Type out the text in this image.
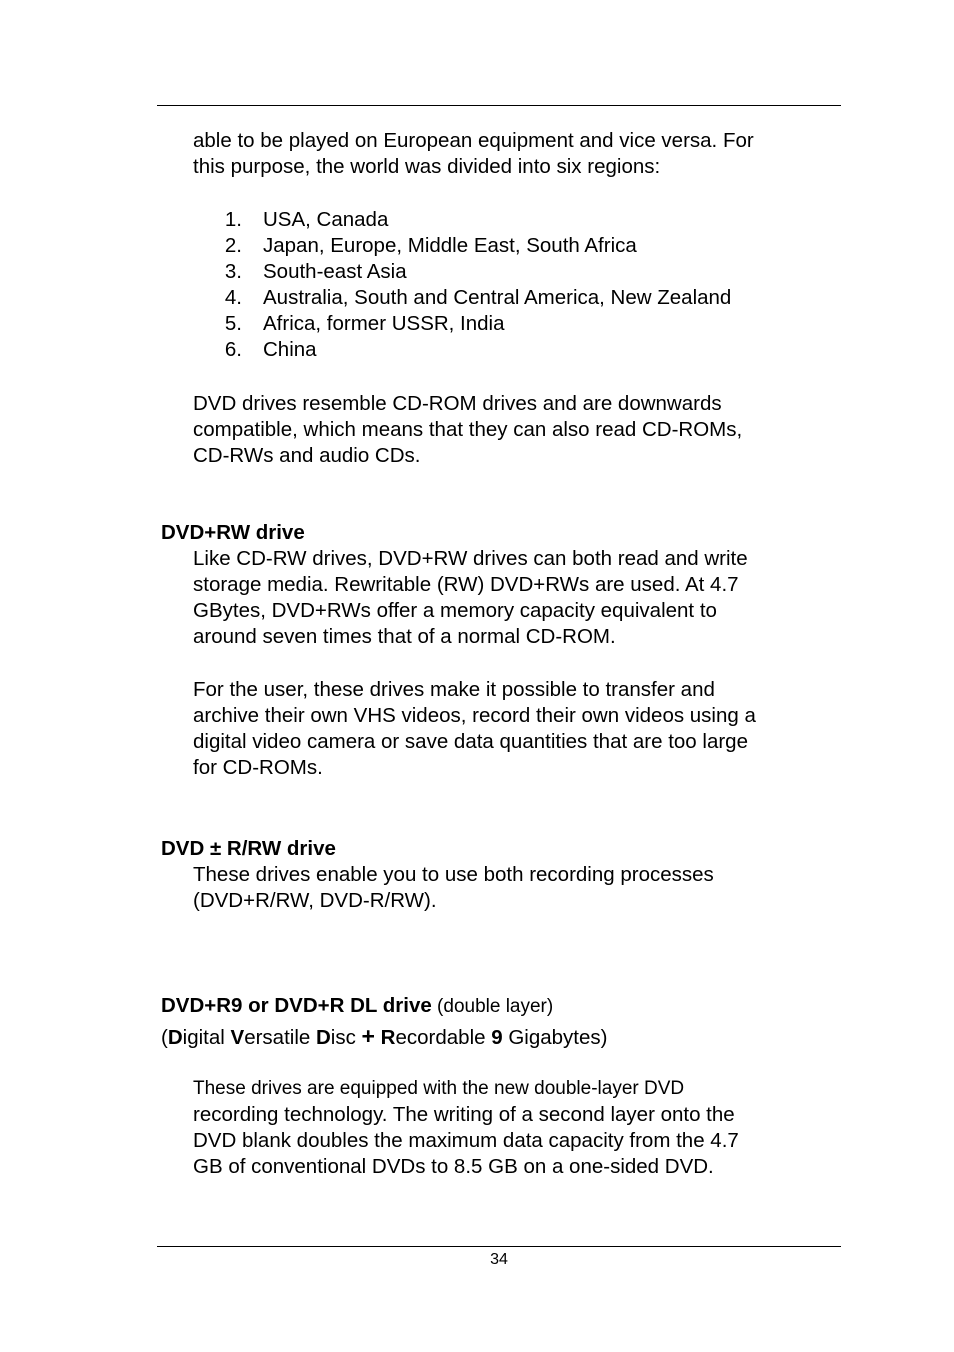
able to be played on European equipment and vice versa. For
this purpose, the world was divided into six regions:

1.	USA, Canada
2.	Japan, Europe, Middle East, South Africa
3.	South-east Asia
4.	Australia, South and Central America, New Zealand
5.	Africa, former USSR, India
6.	China

DVD drives resemble CD-ROM drives and are downwards
compatible, which means that they can also read CD-ROMs,
CD-RWs and audio CDs.

DVD+RW drive

Like CD-RW drives, DVD+RW drives can both read and write
storage media. Rewritable (RW) DVD+RWs are used. At 4.7
GBytes, DVD+RWs offer a memory capacity equivalent to
around seven times that of a normal CD-ROM.

For the user, these drives make it possible to transfer and
archive their own VHS videos, record their own videos using a
digital video camera or save data quantities that are too large
for CD-ROMs.

DVD ± R/RW drive

These drives enable you to use both recording processes
(DVD+R/RW, DVD-R/RW).

DVD+R9 or DVD+R DL drive (double layer)

(Digital Versatile Disc + Recordable 9 Gigabytes)

These drives are equipped with the new double-layer DVD
recording technology. The writing of a second layer onto the
DVD blank doubles the maximum data capacity from the 4.7
GB of conventional DVDs to 8.5 GB on a one-sided DVD.

34
